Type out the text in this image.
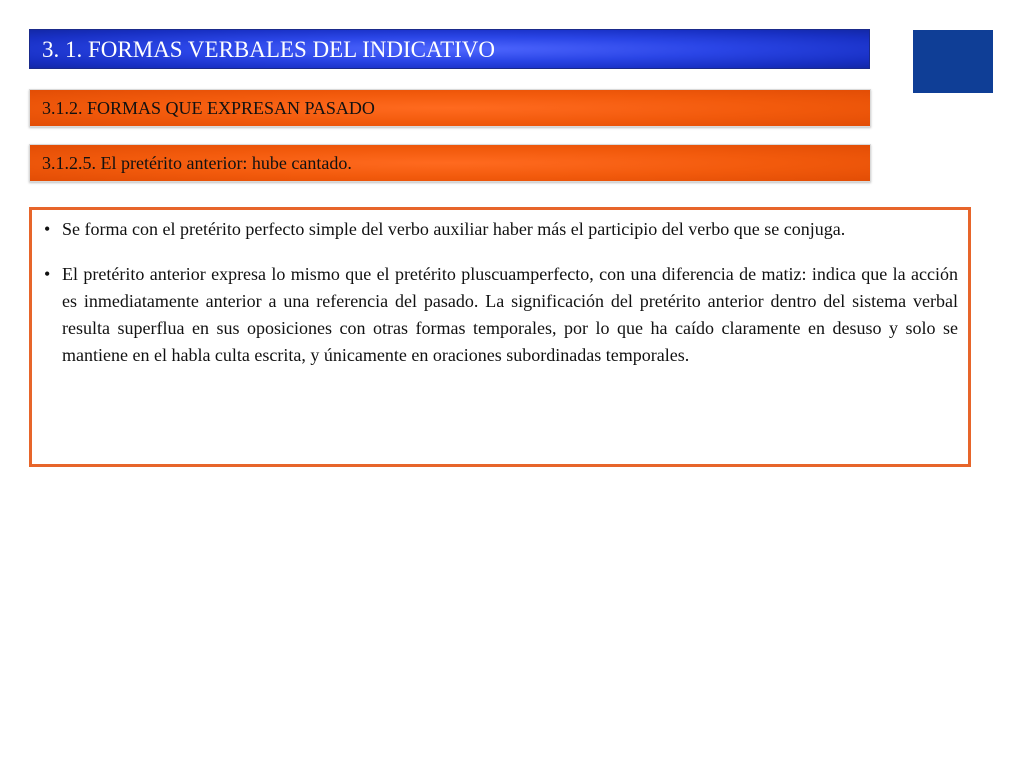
3. 1. FORMAS VERBALES DEL INDICATIVO
3.1.2. FORMAS QUE EXPRESAN PASADO
3.1.2.5. El pretérito anterior: hube cantado.
• Se forma con el pretérito perfecto simple del verbo auxiliar haber más el participio del verbo que se conjuga.
• El pretérito anterior expresa lo mismo que el pretérito pluscuamperfecto, con una diferencia de matiz: indica que la acción es inmediatamente anterior a una referencia del pasado. La significación del pretérito anterior dentro del sistema verbal resulta superflua en sus oposiciones con otras formas temporales, por lo que ha caído claramente en desuso y solo se mantiene en el habla culta escrita, y únicamente en oraciones subordinadas temporales.
